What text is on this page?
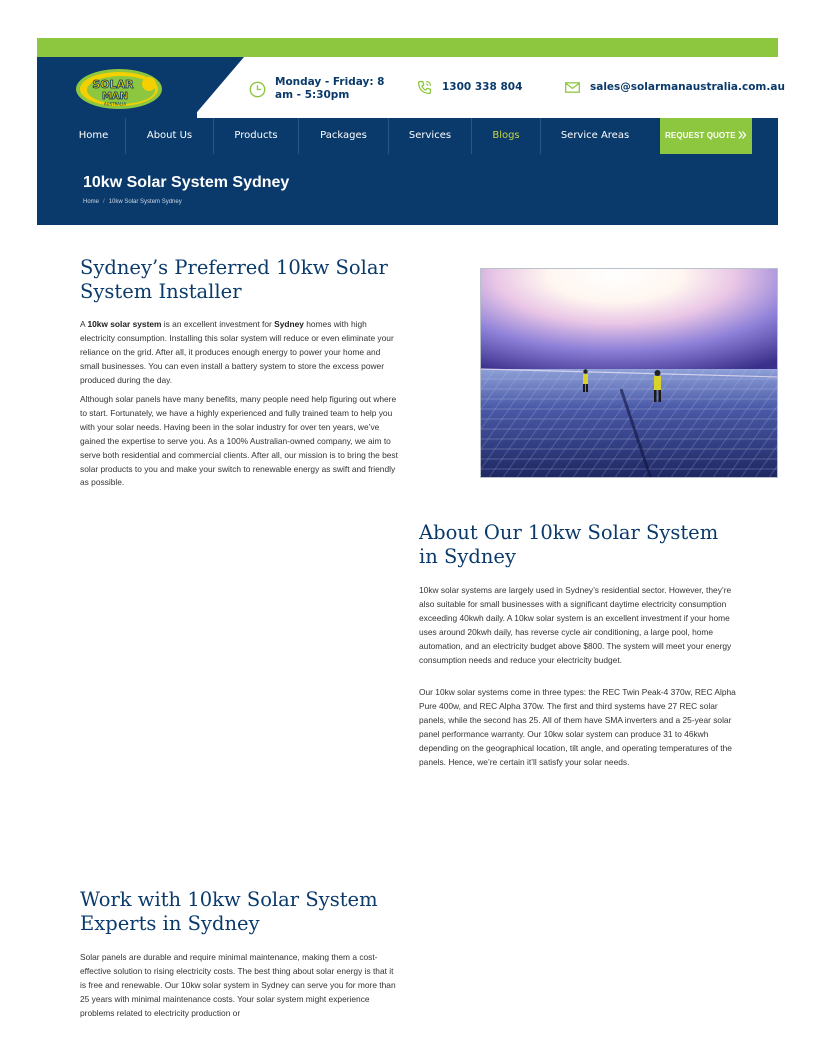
SOLAR
MAN
AUSTRALIA
Monday - Friday: 8 am - 5:30pm
1300 338 804	sales@solarmanaustralia.com.au
Home	About Us	Products	Packages	Services	Blogs	Service Areas	REQUEST QUOTE
10kw Solar System Sydney
Home / 10kw Solar System Sydney
Sydney’s Preferred 10kw Solar
System Installer
A 10kw solar system is an excellent investment for Sydney homes with high electricity consumption. Installing this solar system will reduce or even eliminate your reliance on the grid. After all, it produces enough energy to power your home and small businesses. You can even install a battery system to store the excess power produced during the day.
Although solar panels have many benefits, many people need help figuring out where to start. Fortunately, we have a highly experienced and fully trained team to help you with your solar needs. Having been in the solar industry for over ten years, we’ve gained the expertise to serve you. As a 100% Australian-owned company, we aim to serve both residential and commercial clients. After all, our mission is to bring the best solar products to you and make your switch to renewable energy as swift and friendly as possible.
About Our 10kw Solar System
in Sydney
10kw solar systems are largely used in Sydney’s residential sector. However, they’re also suitable for small businesses with a significant daytime electricity consumption exceeding 40kwh daily. A 10kw solar system is an excellent investment if your home uses around 20kwh daily, has reverse cycle air conditioning, a large pool, home automation, and an electricity budget above $800. The system will meet your energy consumption needs and reduce your electricity budget.
Our 10kw solar systems come in three types: the REC Twin Peak-4 370w, REC Alpha Pure 400w, and REC Alpha 370w. The first and third systems have 27 REC solar panels, while the second has 25. All of them have SMA inverters and a 25-year solar panel performance warranty. Our 10kw solar system can produce 31 to 46kwh depending on the geographical location, tilt angle, and operating temperatures of the panels. Hence, we’re certain it’ll satisfy your solar needs.
Work with 10kw Solar System
Experts in Sydney
Solar panels are durable and require minimal maintenance, making them a cost-effective solution to rising electricity costs. The best thing about solar energy is that it is free and renewable. Our 10kw solar system in Sydney can serve you for more than 25 years with minimal maintenance costs. Your solar system might experience problems related to electricity production or
